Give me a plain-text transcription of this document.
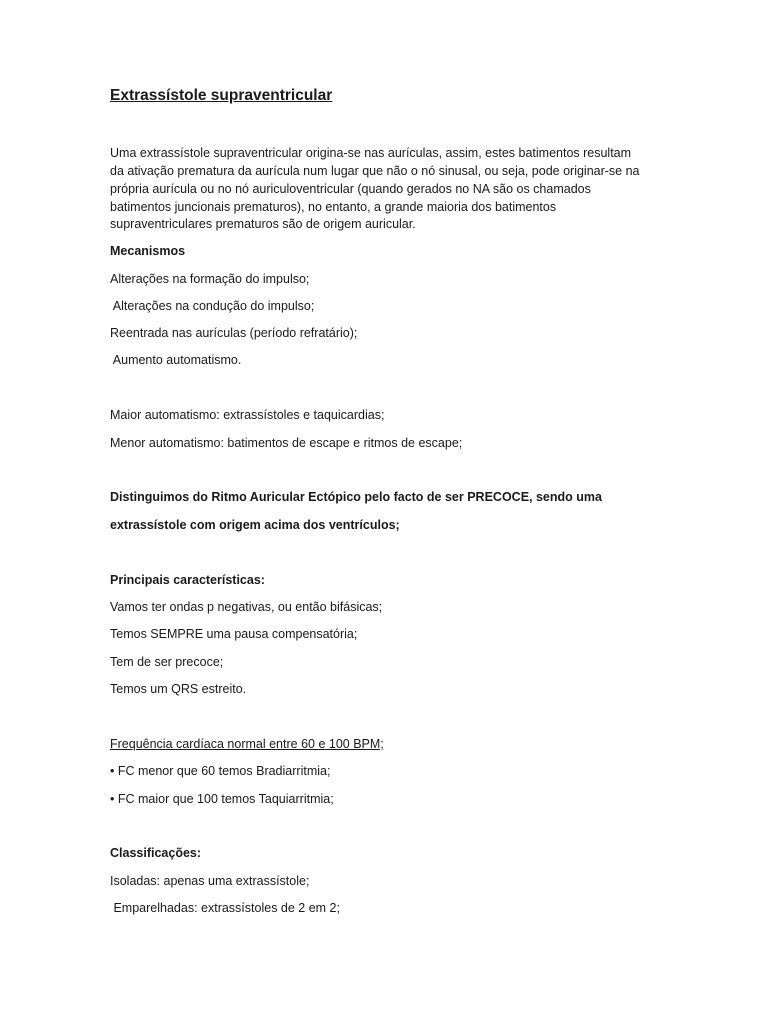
Extrassístole supraventricular

Uma extrassístole supraventricular origina-se nas aurículas, assim, estes batimentos resultam

da ativação prematura da aurícula num lugar que não o nó sinusal, ou seja, pode originar-se na

própria aurícula ou no nó auriculoventricular (quando gerados no NA são os chamados

batimentos juncionais prematuros), no entanto, a grande maioria dos batimentos

supraventriculares prematuros são de origem auricular.

Mecanismos

Alterações na formação do impulso;

Alterações na condução do impulso;

Reentrada nas aurículas (período refratário);

Aumento automatismo.

Maior automatismo: extrassístoles e taquicardias;

Menor automatismo: batimentos de escape e ritmos de escape;

Distinguimos do Ritmo Auricular Ectópico pelo facto de ser PRECOCE, sendo uma

extrassístole com origem acima dos ventrículos;

Principais características:

Vamos ter ondas p negativas, ou então bifásicas;

Temos SEMPRE uma pausa compensatória;

Tem de ser precoce;

Temos um QRS estreito.

Frequência cardíaca normal entre 60 e 100 BPM;

• FC menor que 60 temos Bradiarritmia;

• FC maior que 100 temos Taquiarritmia;

Classificações:

Isoladas: apenas uma extrassístole;

Emparelhadas: extrassístoles de 2 em 2;
